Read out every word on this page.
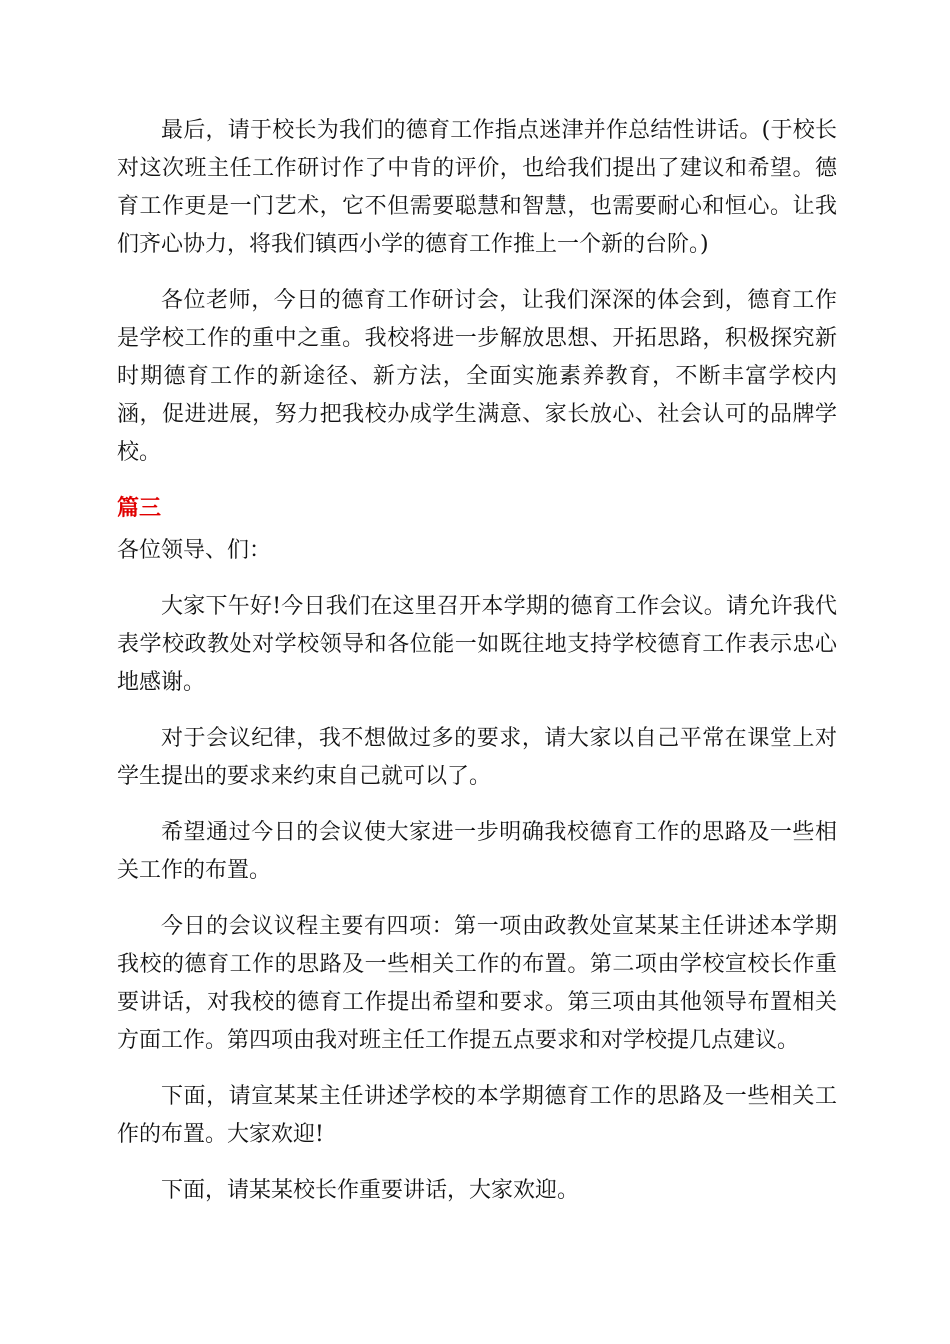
最后，请于校长为我们的德育工作指点迷津并作总结性讲话。(于校长对这次班主任工作研讨作了中肯的评价，也给我们提出了建议和希望。德育工作更是一门艺术，它不但需要聪慧和智慧，也需要耐心和恒心。让我们齐心协力，将我们镇西小学的德育工作推上一个新的台阶。)

各位老师，今日的德育工作研讨会，让我们深深的体会到，德育工作是学校工作的重中之重。我校将进一步解放思想、开拓思路，积极探究新时期德育工作的新途径、新方法，全面实施素养教育，不断丰富学校内涵，促进进展，努力把我校办成学生满意、家长放心、社会认可的品牌学校。

篇三

各位领导、们：

大家下午好!今日我们在这里召开本学期的德育工作会议。请允许我代表学校政教处对学校领导和各位能一如既往地支持学校德育工作表示忠心地感谢。

对于会议纪律，我不想做过多的要求，请大家以自己平常在课堂上对学生提出的要求来约束自己就可以了。

希望通过今日的会议使大家进一步明确我校德育工作的思路及一些相关工作的布置。

今日的会议议程主要有四项：第一项由政教处宣某某主任讲述本学期我校的德育工作的思路及一些相关工作的布置。第二项由学校宣校长作重要讲话，对我校的德育工作提出希望和要求。第三项由其他领导布置相关方面工作。第四项由我对班主任工作提五点要求和对学校提几点建议。

下面，请宣某某主任讲述学校的本学期德育工作的思路及一些相关工作的布置。大家欢迎!

下面，请某某校长作重要讲话，大家欢迎。
